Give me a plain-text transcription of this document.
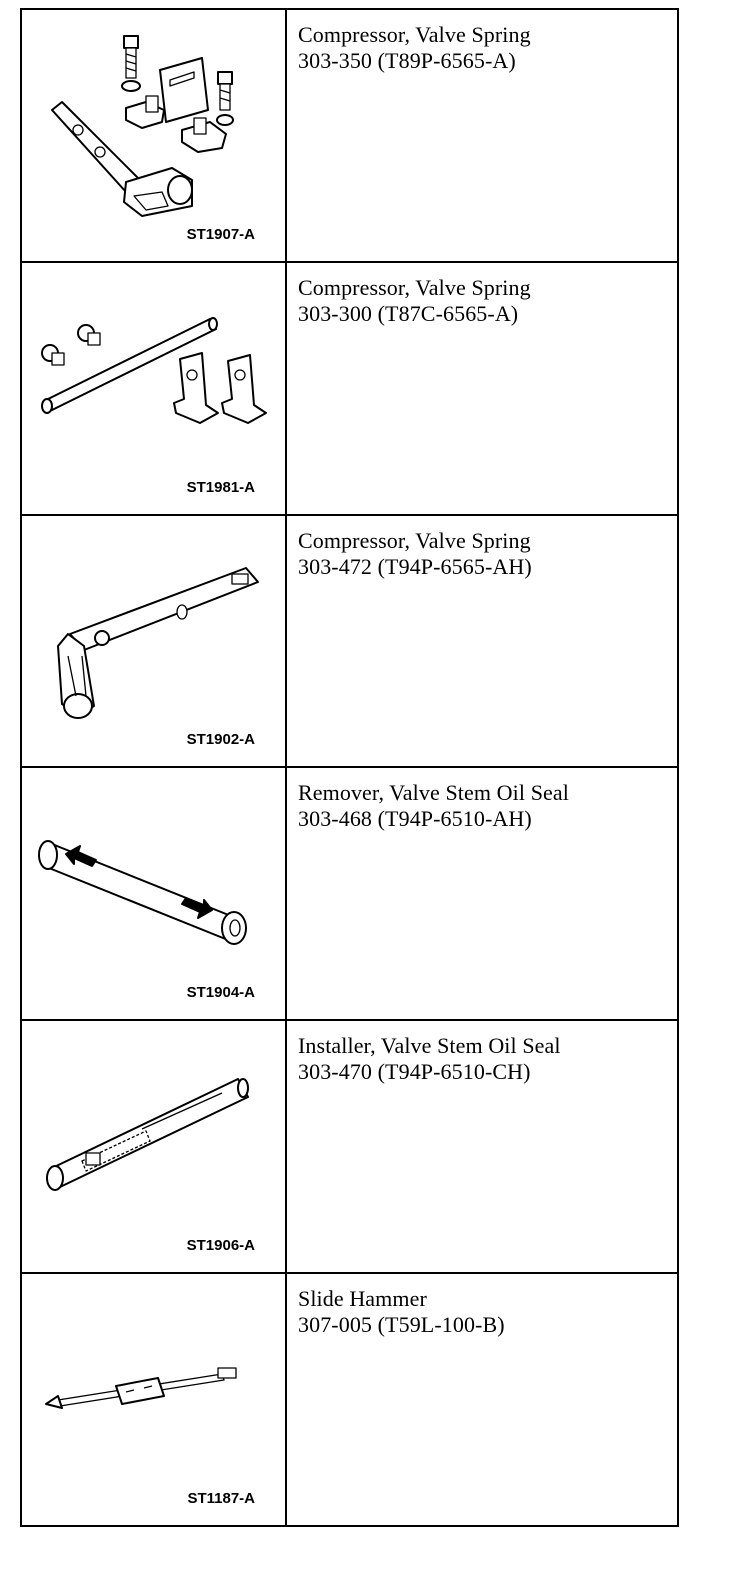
ST1907-A	Compressor, Valve Spring
303-350 (T89P-6565-A)

ST1981-A	Compressor, Valve Spring
303-300 (T87C-6565-A)

ST1902-A	Compressor, Valve Spring
303-472 (T94P-6565-AH)

ST1904-A	Remover, Valve Stem Oil Seal
303-468 (T94P-6510-AH)

ST1906-A	Installer, Valve Stem Oil Seal
303-470 (T94P-6510-CH)

ST1187-A	Slide Hammer
307-005 (T59L-100-B)
